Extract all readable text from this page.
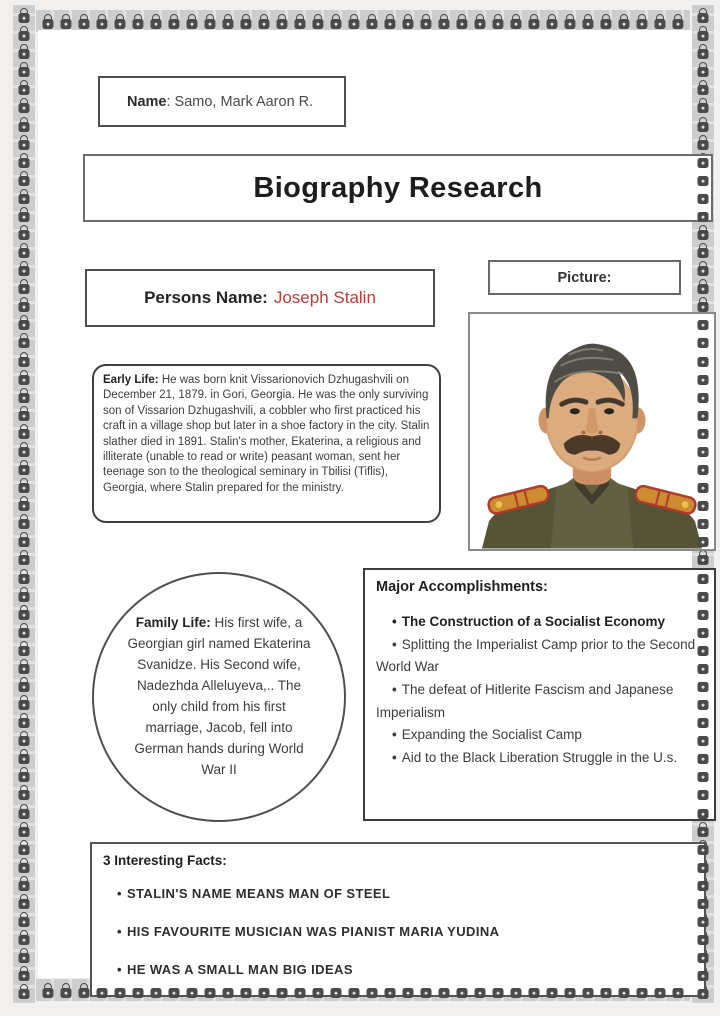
Name: Samo, Mark Aaron R.
Biography Research
Persons Name: Joseph Stalin
Picture:
Early Life: He was born knit Vissarionovich Dzhugashvili on December 21, 1879. in Gori, Georgia. He was the only surviving son of Vissarion Dzhugashvili, a cobbler who first practiced his craft in a village shop but later in a shoe factory in the city. Stalin slather died in 1891. Stalin's mother, Ekaterina, a religious and illiterate (unable to read or write) peasant woman, sent her teenage son to the theological seminary in Tbilisi (Tiflis), Georgia, where Stalin prepared for the ministry.
Family Life: His first wife, a Georgian girl named Ekaterina Svanidze. His Second wife, Nadezhda Alleluyeva,.. The only child from his first marriage, Jacob, fell into German hands during World War II
Major Accomplishments:
• The Construction of a Socialist Economy
• Splitting the Imperialist Camp prior to the Second World War
• The defeat of Hitlerite Fascism and Japanese Imperialism
• Expanding the Socialist Camp
• Aid to the Black Liberation Struggle in the U.s.
3 Interesting Facts:
• STALIN'S NAME MEANS MAN OF STEEL
• HIS FAVOURITE MUSICIAN WAS PIANIST MARIA YUDINA
• HE WAS A SMALL MAN BIG IDEAS
